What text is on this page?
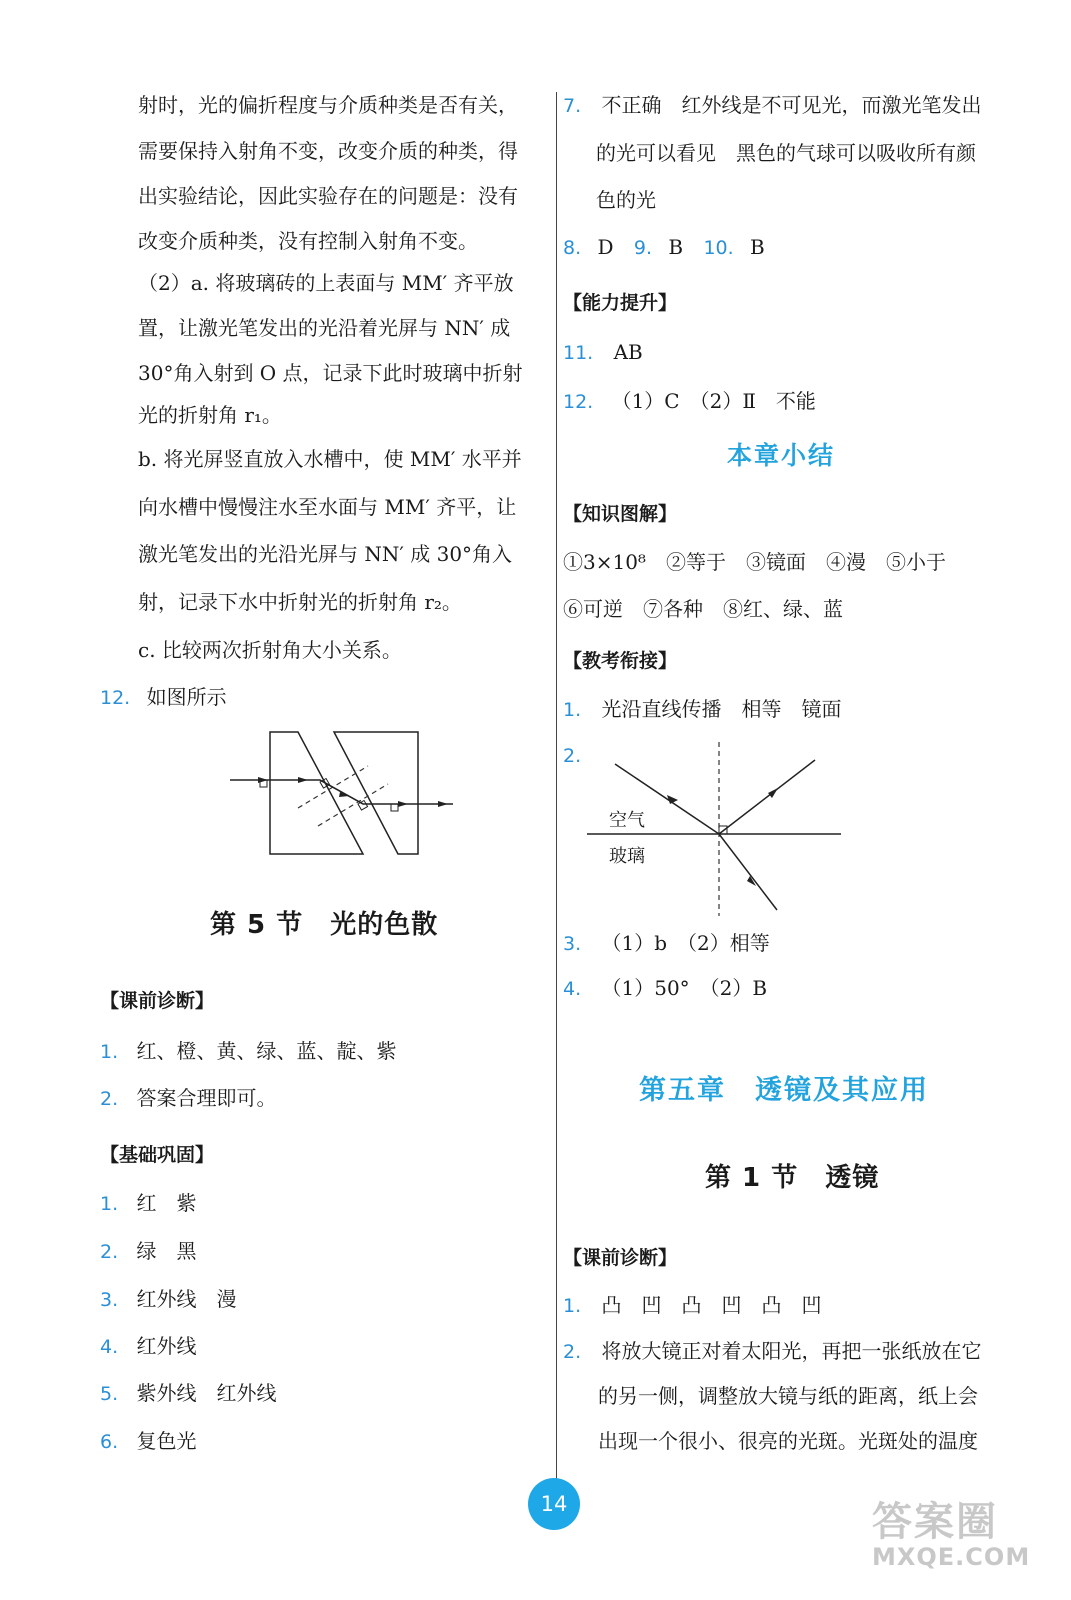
射时，光的偏折程度与介质种类是否有关，
需要保持入射角不变，改变介质的种类，得
出实验结论，因此实验存在的问题是：没有
改变介质种类，没有控制入射角不变。
（2）a. 将玻璃砖的上表面与 MM′ 齐平放
置，让激光笔发出的光沿着光屏与 NN′ 成
30°角入射到 O 点，记录下此时玻璃中折射
光的折射角 r₁。
b. 将光屏竖直放入水槽中，使 MM′ 水平并
向水槽中慢慢注水至水面与 MM′ 齐平，让
激光笔发出的光沿光屏与 NN′ 成 30°角入
射，记录下水中折射光的折射角 r₂。
c. 比较两次折射角大小关系。
12. 如图所示
第 5 节　光的色散
【课前诊断】
1. 红、橙、黄、绿、蓝、靛、紫
2. 答案合理即可。
【基础巩固】
1. 红　紫
2. 绿　黑
3. 红外线　漫
4. 红外线
5. 紫外线　红外线
6. 复色光
7. 不正确　红外线是不可见光，而激光笔发出
的光可以看见　黑色的气球可以吸收所有颜
色的光
8. D 9. B 10. B
【能力提升】
11. AB
12. （1）C　（2）Ⅱ　不能
本章小结
【知识图解】
①3×10⁸　②等于　③镜面　④漫　⑤小于
⑥可逆　⑦各种　⑧红、绿、蓝
【教考衔接】
1. 光沿直线传播　相等　镜面
2.
空气
玻璃
3. （1）b　（2）相等
4. （1）50°　（2）B
第五章　透镜及其应用
第 1 节　透镜
【课前诊断】
1. 凸　凹　凸　凹　凸　凹
2. 将放大镜正对着太阳光，再把一张纸放在它
的另一侧，调整放大镜与纸的距离，纸上会
出现一个很小、很亮的光斑。光斑处的温度
14	答案圈
MXQE.COM
